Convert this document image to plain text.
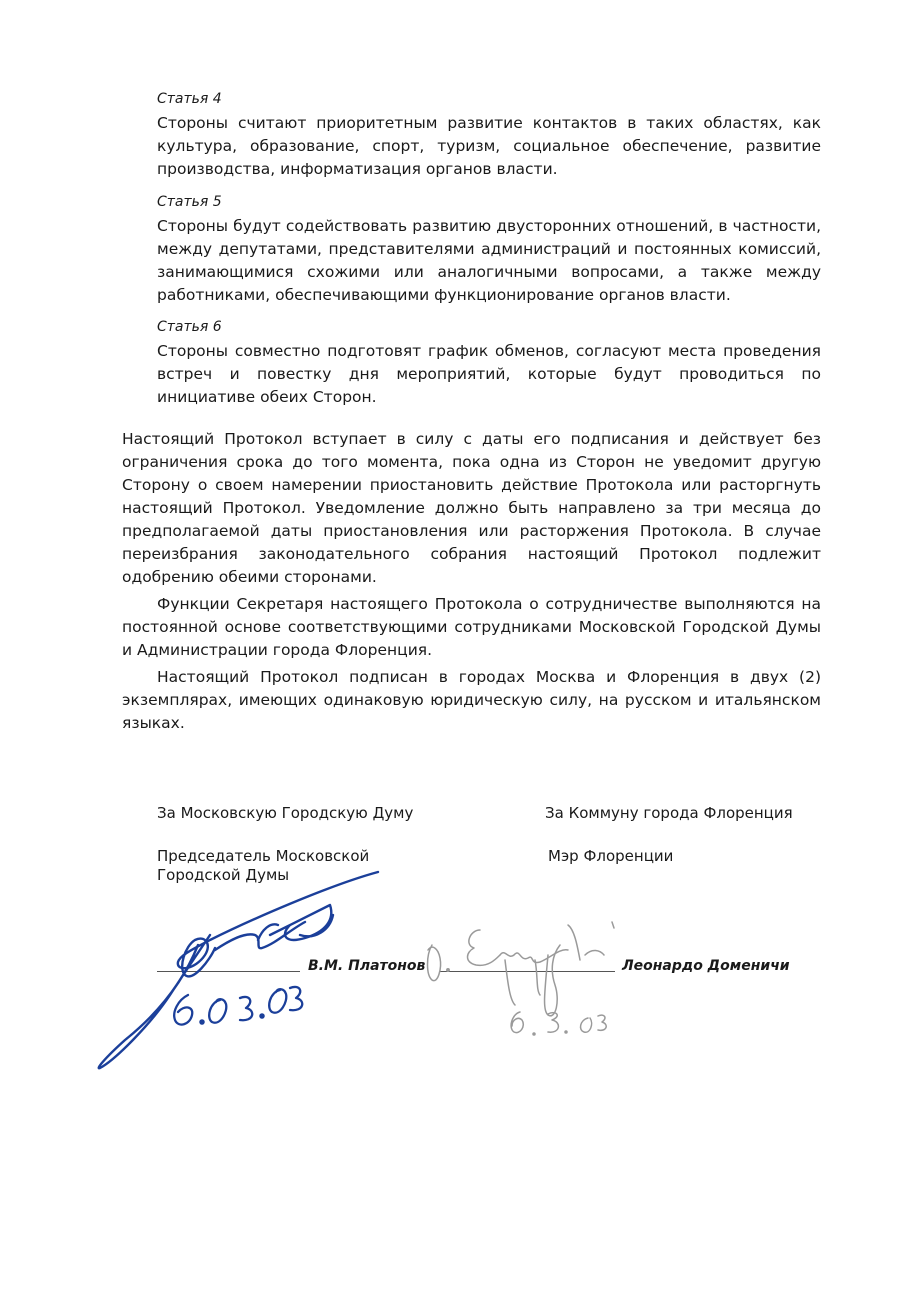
Статья 4
Стороны считают приоритетным развитие контактов в таких областях, как культура, образование, спорт, туризм, социальное обеспечение, развитие производства, информатизация органов власти.
Статья 5
Стороны будут содействовать развитию двусторонних отношений, в частности, между депутатами, представителями администраций и постоянных комиссий, занимающимися схожими или аналогичными вопросами, а также между работниками, обеспечивающими функционирование органов власти.
Статья 6
Стороны совместно подготовят график обменов, согласуют места проведения встреч и повестку дня мероприятий, которые будут проводиться по инициативе обеих Сторон.

Настоящий Протокол вступает в силу с даты его подписания и действует без ограничения срока до того момента, пока одна из Сторон не уведомит другую Сторону о своем намерении приостановить действие Протокола или расторгнуть настоящий Протокол. Уведомление должно быть направлено за три месяца до предполагаемой даты приостановления или расторжения Протокола. В случае переизбрания законодательного собрания настоящий Протокол подлежит одобрению обеими сторонами.

Функции Секретаря настоящего Протокола о сотрудничестве выполняются на постоянной основе соответствующими сотрудниками Московской Городской Думы и Администрации города Флоренция.

Настоящий Протокол подписан в городах Москва и Флоренция в двух (2) экземплярах, имеющих одинаковую юридическую силу, на русском и итальянском языках.

За Московскую Городскую Думу
Председатель Московской
Городской Думы
В.М. Платонов
За Коммуну города Флоренция
Мэр Флоренции
Леонардо Доменичи
